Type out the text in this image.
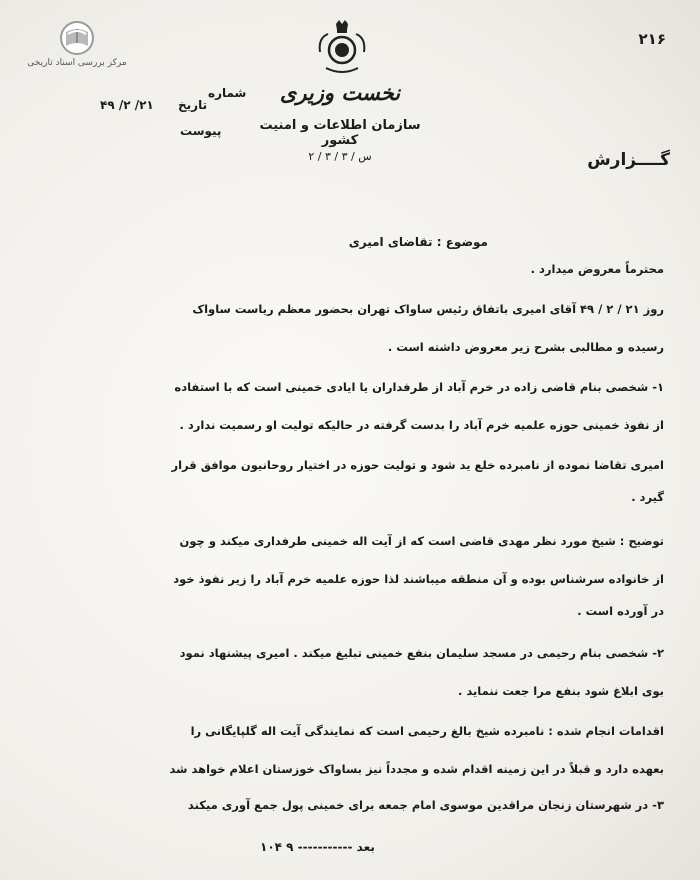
مرکز بررسی اسناد تاریخی
۲۱۶
نخست وزیری
سازمان اطلاعات و امنیت کشور
س / ۳ / ۳ / ۲
شماره
تاریخ
۲۱/ ۲/ ۴۹
پیوست
گــــزارش
موضوع : تقاضای امیری
محترماً معروض میدارد .
روز ۲۱ / ۲ / ۴۹ آقای امیری باتفاق رئیس ساواک تهران بحضور معظم ریاست ساواک
رسیده و مطالبی بشرح زیر معروض داشته است .
۱- شخصی بنام قاضی زاده در خرم آباد از طرفداران یا ایادی خمینی است که با استفاده
از نفوذ خمینی حوزه علمیه خرم آباد را بدست گرفته در حالیکه تولیت او رسمیت ندارد .
امیری تقاضا نموده از نامبرده خلع ید شود و تولیت حوزه در اختیار روحانیون موافق قرار
گیرد .
توضیح : شیخ مورد نظر مهدی قاضی است که از آیت اله خمینی طرفداری میکند و چون
از خانواده سرشناس بوده و آن منطقه میباشند لذا حوزه علمیه خرم آباد را زیر نفوذ خود
در آورده است .
۲- شخصی بنام رحیمی در مسجد سلیمان بنفع خمینی تبلیغ میکند . امیری پیشنهاد نمود
بوی ابلاغ شود بنفع مرا جعت ننماید .
اقدامات انجام شده : نامبرده شیخ بالغ رحیمی است که نمایندگی آیت اله گلپایگانی را
بعهده دارد و قبلاً در این زمینه اقدام شده و مجدداً نیز بساواک خوزستان اعلام خواهد شد
۳- در شهرستان زنجان مراقدین موسوی امام جمعه برای خمینی پول جمع آوری میکند
بعد ----------- ۹ ۱۰۴
